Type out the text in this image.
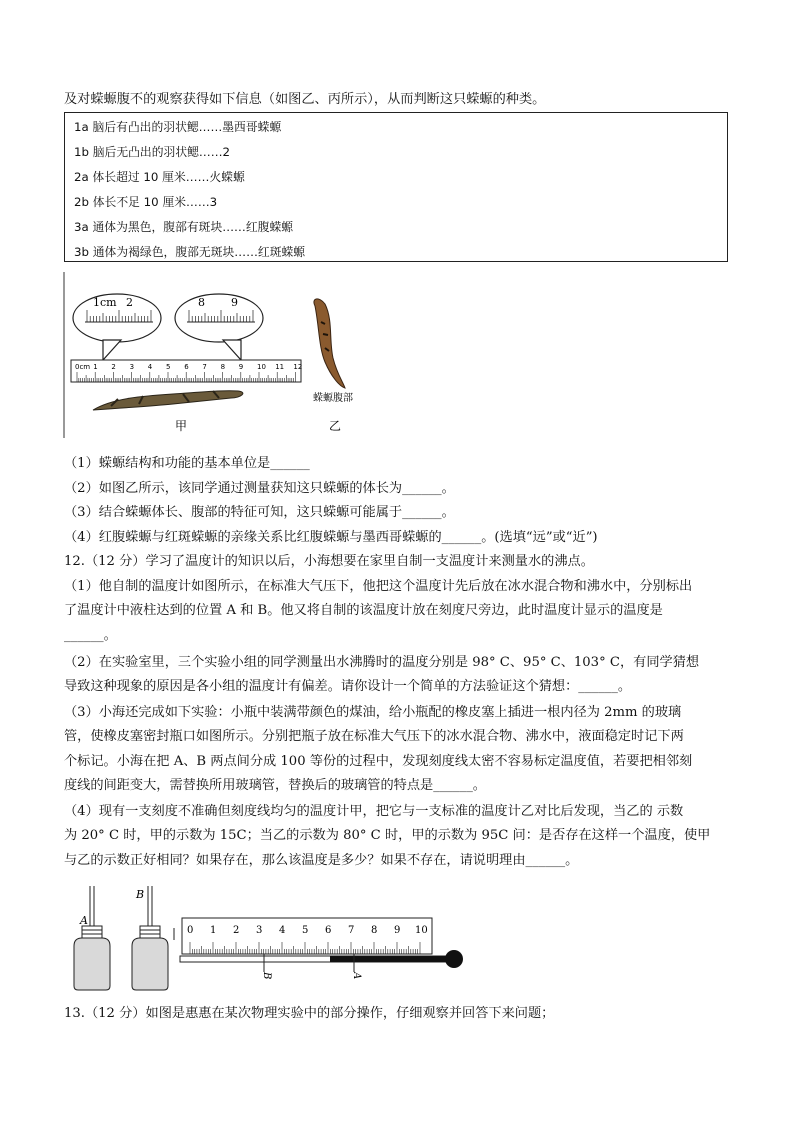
及对蝾螈腹不的观察获得如下信息（如图乙、丙所示），从而判断这只蝾螈的种类。
1a 脑后有凸出的羽状鳃……墨西哥蝾螈
1b 脑后无凸出的羽状鳃……2
2a 体长超过 10 厘米……火蝾螈
2b 体长不足 10 厘米……3
3a 通体为黑色，腹部有斑块……红腹蝾螈
3b 通体为褐绿色，腹部无斑块……红斑蝾螈
1cm 2	8 9
0cm 1 2 3 4 5 6 7 8 9 10 11 12
蝾螈腹部
甲	乙
（1）蝾螈结构和功能的基本单位是______
（2）如图乙所示，该同学通过测量获知这只蝾螈的体长为______。
（3）结合蝾螈体长、腹部的特征可知，这只蝾螈可能属于______。
（4）红腹蝾螈与红斑蝾螈的亲缘关系比红腹蝾螈与墨西哥蝾螈的______。(选填“远”或“近”)
12.（12 分）学习了温度计的知识以后，小海想要在家里自制一支温度计来测量水的沸点。
（1）他自制的温度计如图所示，在标准大气压下，他把这个温度计先后放在冰水混合物和沸水中，分别标出
了温度计中液柱达到的位置 A 和 B。他又将自制的该温度计放在刻度尺旁边，此时温度计显示的温度是
______。
（2）在实验室里，三个实验小组的同学测量出水沸腾时的温度分别是 98° C、95° C、103° C，有同学猜想
导致这种现象的原因是各小组的温度计有偏差。请你设计一个简单的方法验证这个猜想：______。
（3）小海还完成如下实验：小瓶中装满带颜色的煤油，给小瓶配的橡皮塞上插进一根内径为 2mm 的玻璃
管，使橡皮塞密封瓶口如图所示。分别把瓶子放在标准大气压下的冰水混合物、沸水中，液面稳定时记下两
个标记。小海在把 A、B 两点间分成 100 等份的过程中，发现刻度线太密不容易标定温度值，若要把相邻刻
度线的间距变大，需替换所用玻璃管，替换后的玻璃管的特点是______。
（4）现有一支刻度不准确但刻度线均匀的温度计甲，把它与一支标准的温度计乙对比后发现，当乙的 示数
为 20° C 时，甲的示数为 15C；当乙的示数为 80° C 时，甲的示数为 95C 问：是否存在这样一个温度，使甲
与乙的示数正好相同？如果存在，那么该温度是多少？如果不存在，请说明理由______。
A
B
0 1 2 3 4 5 6 7 8 9 10
B	A
13.（12 分）如图是惠惠在某次物理实验中的部分操作，仔细观察并回答下来问题；
